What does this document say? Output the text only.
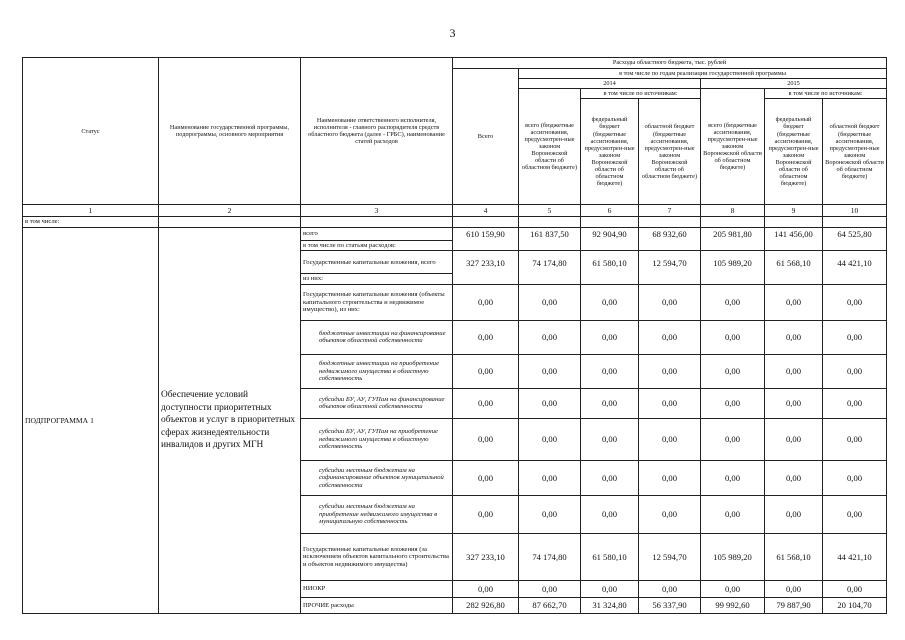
3
Статус	Наименование государственной программы, подпрограммы, основного мероприятия	Наименование ответственного исполнителя, исполнителя - главного распорядителя средств областного бюджета (далее - ГРБС), наименование статей расходов	Расходы областного бюджета, тыс. рублей						
			Всего	в том числе по годам реализации государственной программы					
				2014			2015		
				всего (бюджетные ассигнования, предусмотрен-ные законом Воронежской области об областном бюджете)	в том числе по источникам:		всего (бюджетные ассигнования, предусмотрен-ные законом Воронежской области об областном бюджете)	в том числе по источникам:	
					федеральный бюджет (бюджетные ассигнования, предусмотрен-ные законом Воронежской области об областном бюджете)	областной бюджет (бюджетные ассигнования, предусмотрен-ные законом Воронежской области об областном бюджете)		федеральный бюджет (бюджетные ассигнования, предусмотрен-ные законом Воронежской области об областном бюджете)	областной бюджет (бюджетные ассигнования, предусмотрен-ные законом Воронежской области об областном бюджете)
1	2	3	4	5	6	7	8	9	10
в том числе:									
ПОДПРОГРАММА 1	Обеспечение условий доступности приоритетных объектов и услуг в приоритетных сферах жизнедеятельности инвалидов и других МГН	всего	610 159,90	161 837,50	92 904,90	68 932,60	205 981,80	141 456,00	64 525,80
		в том числе по статьям расходов:							
		Государственные капитальные вложения, всего	327 233,10	74 174,80	61 580,10	12 594,70	105 989,20	61 568,10	44 421,10
		из них:							
		Государственные капитальные вложения (объекты капитального строительства и недвижимое имущество), из них:	0,00	0,00	0,00	0,00	0,00	0,00	0,00
		бюджетные инвестиции на финансирование объектов областной собственности	0,00	0,00	0,00	0,00	0,00	0,00	0,00
		бюджетные инвестиции на приобретение недвижимого имущества в областную собственность	0,00	0,00	0,00	0,00	0,00	0,00	0,00
		субсидии БУ, АУ, ГУПам на финансирование объектов областной собственности	0,00	0,00	0,00	0,00	0,00	0,00	0,00
		субсидии БУ, АУ, ГУПам на приобретение недвижимого имущества в областную собственность	0,00	0,00	0,00	0,00	0,00	0,00	0,00
		субсидии местным бюджетам на софинансирование объектов муниципальной собственности	0,00	0,00	0,00	0,00	0,00	0,00	0,00
		субсидии местным бюджетам на приобретение недвижимого имущества в муниципальную собственность	0,00	0,00	0,00	0,00	0,00	0,00	0,00
		Государственные капитальные вложения (за исключением объектов капитального строительства и объектов недвижимого имущества)	327 233,10	74 174,80	61 580,10	12 594,70	105 989,20	61 568,10	44 421,10
		НИОКР	0,00	0,00	0,00	0,00	0,00	0,00	0,00
		ПРОЧИЕ расходы	282 926,80	87 662,70	31 324,80	56 337,90	99 992,60	79 887,90	20 104,70
